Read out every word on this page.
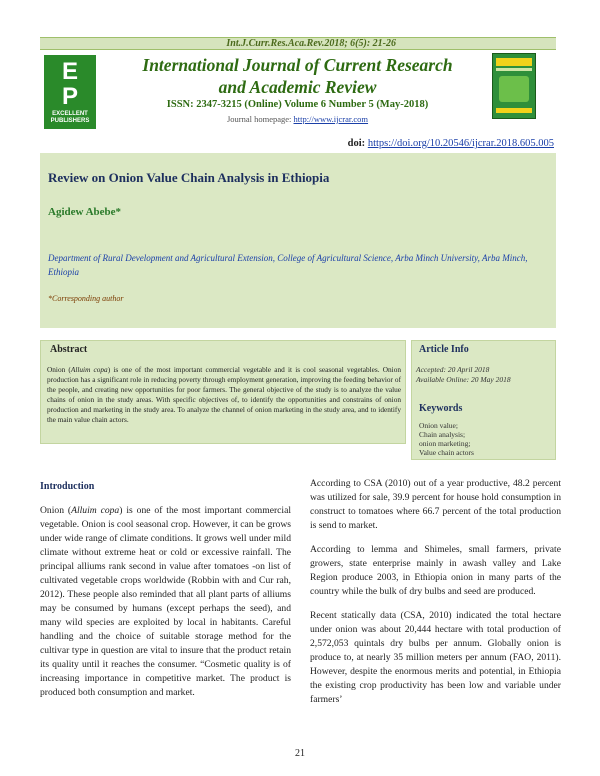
Int.J.Curr.Res.Aca.Rev.2018; 6(5): 21-26
E P
EXCELLENT PUBLISHERS
International Journal of Current Research
and Academic Review
ISSN: 2347-3215 (Online) Volume 6 Number 5 (May-2018)
Journal homepage: http://www.ijcrar.com
doi: https://doi.org/10.20546/ijcrar.2018.605.005
Review on Onion Value Chain Analysis in Ethiopia
Agidew Abebe*
Department of Rural Development and Agricultural Extension, College of Agricultural Science, Arba Minch University, Arba Minch, Ethiopia
*Corresponding author
Abstract
Onion (Alluim copa) is one of the most important commercial vegetable and it is cool seasonal vegetables. Onion production has a significant role in reducing poverty through employment generation, improving the feeding behavior of the people, and creating new opportunities for poor farmers. The general objective of the study is to analyze the value chains of onion in the study areas. With specific objectives of, to identify the opportunities and constrains of onion production and marketing in the study area. To analyze the channel of onion marketing in the study area, and to identify the main value chain actors.
Article Info
Accepted: 20 April 2018
Available Online: 20 May 2018
Keywords
Onion value;
Chain analysis;
onion marketing;
Value chain actors
Introduction

Onion (Alluim copa) is one of the most important commercial vegetable. Onion is cool seasonal crop. However, it can be grows under wide range of climate conditions. It grows well under mild climate without extreme heat or cold or excessive rainfall. The principal alliums rank second in value after tomatoes -on list of cultivated vegetable crops worldwide (Robbin with and Cur rah, 2012). These people also reminded that all plant parts of alliums may be consumed by humans (except perhaps the seed), and many wild species are exploited by local in habitants. Careful handling and the choice of suitable storage method for the cultivar type in question are vital to insure that the product retain its quality until it reaches the consumer. “Cosmetic quality is of increasing importance in competitive market. The product is produced both consumption and market.

According to CSA (2010) out of a year productive, 48.2 percent was utilized for sale, 39.9 percent for house hold consumption in construct to tomatoes where 66.7 percent of the total production is send to market.

According to lemma and Shimeles, small farmers, private growers, state enterprise mainly in awash valley and Lake Region produce 2003, in Ethiopia onion in many parts of the country while the bulk of dry bulbs and seed are produced.

Recent statically data (CSA, 2010) indicated the total hectare under onion was about 20,444 hectare with total production of 2,572,053 quintals dry bulbs per annum. Globally onion is produce to, at nearly 35 million meters per annum (FAO, 2011). However, despite the enormous merits and potential, in Ethiopia the existing crop productivity has been low and variable under farmers’

21
